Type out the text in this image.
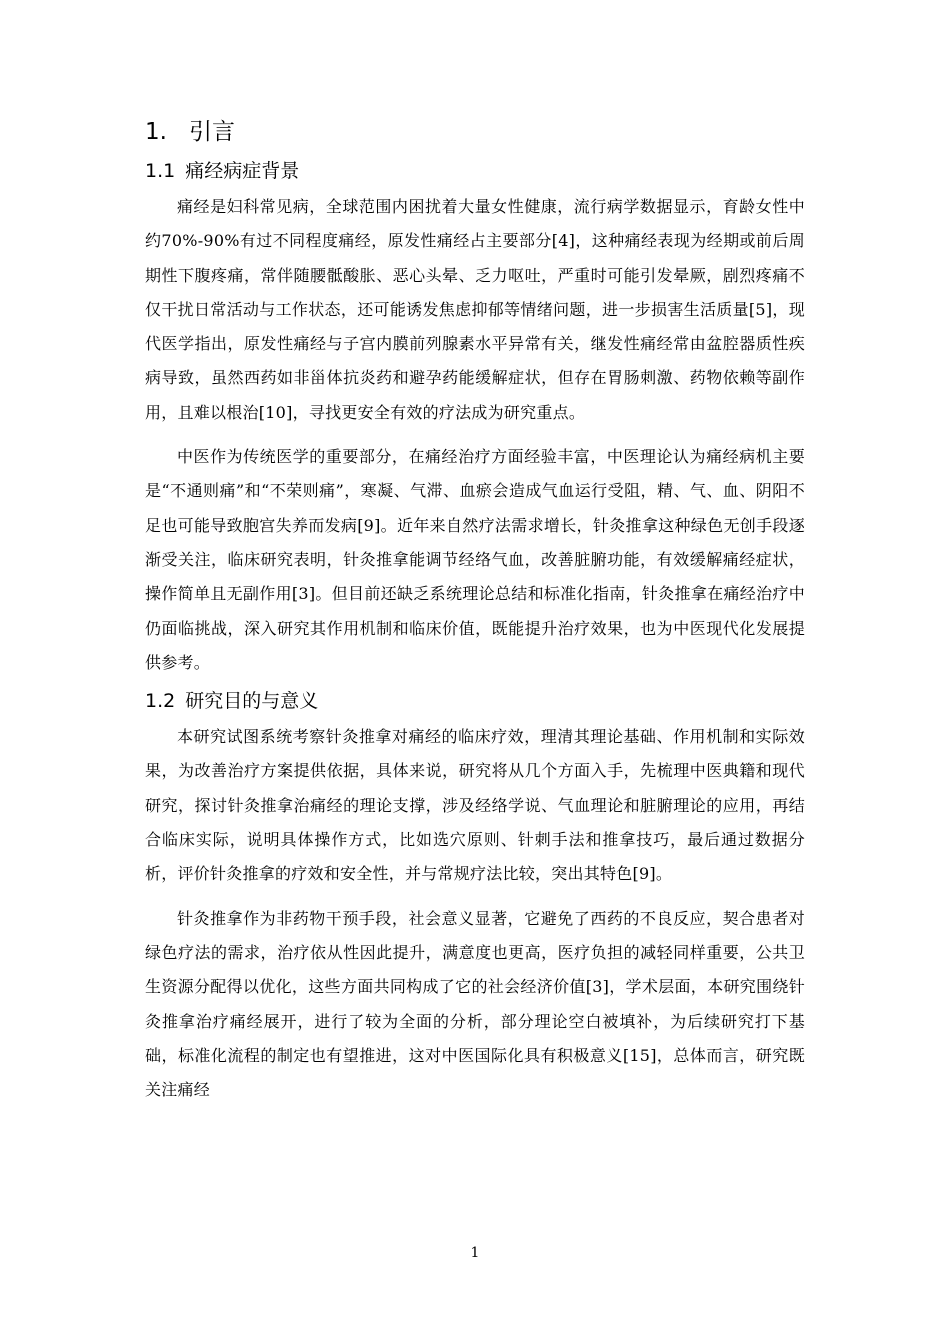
1. 引言
1.1 痛经病症背景

痛经是妇科常见病，全球范围内困扰着大量女性健康，流行病学数据显示，育龄女性中约70%-90%有过不同程度痛经，原发性痛经占主要部分[4]，这种痛经表现为经期或前后周期性下腹疼痛，常伴随腰骶酸胀、恶心头晕、乏力呕吐，严重时可能引发晕厥，剧烈疼痛不仅干扰日常活动与工作状态，还可能诱发焦虑抑郁等情绪问题，进一步损害生活质量[5]，现代医学指出，原发性痛经与子宫内膜前列腺素水平异常有关，继发性痛经常由盆腔器质性疾病导致，虽然西药如非甾体抗炎药和避孕药能缓解症状，但存在胃肠刺激、药物依赖等副作用，且难以根治[10]，寻找更安全有效的疗法成为研究重点。

中医作为传统医学的重要部分，在痛经治疗方面经验丰富，中医理论认为痛经病机主要是“不通则痛”和“不荣则痛”，寒凝、气滞、血瘀会造成气血运行受阻，精、气、血、阴阳不足也可能导致胞宫失养而发病[9]。近年来自然疗法需求增长，针灸推拿这种绿色无创手段逐渐受关注，临床研究表明，针灸推拿能调节经络气血，改善脏腑功能，有效缓解痛经症状，操作简单且无副作用[3]。但目前还缺乏系统理论总结和标准化指南，针灸推拿在痛经治疗中仍面临挑战，深入研究其作用机制和临床价值，既能提升治疗效果，也为中医现代化发展提供参考。

1.2 研究目的与意义

本研究试图系统考察针灸推拿对痛经的临床疗效，理清其理论基础、作用机制和实际效果，为改善治疗方案提供依据，具体来说，研究将从几个方面入手，先梳理中医典籍和现代研究，探讨针灸推拿治痛经的理论支撑，涉及经络学说、气血理论和脏腑理论的应用，再结合临床实际，说明具体操作方式，比如选穴原则、针刺手法和推拿技巧，最后通过数据分析，评价针灸推拿的疗效和安全性，并与常规疗法比较，突出其特色[9]。

针灸推拿作为非药物干预手段，社会意义显著，它避免了西药的不良反应，契合患者对绿色疗法的需求，治疗依从性因此提升，满意度也更高，医疗负担的减轻同样重要，公共卫生资源分配得以优化，这些方面共同构成了它的社会经济价值[3]，学术层面，本研究围绕针灸推拿治疗痛经展开，进行了较为全面的分析，部分理论空白被填补，为后续研究打下基础，标准化流程的制定也有望推进，这对中医国际化具有积极意义[15]，总体而言，研究既关注痛经

1
